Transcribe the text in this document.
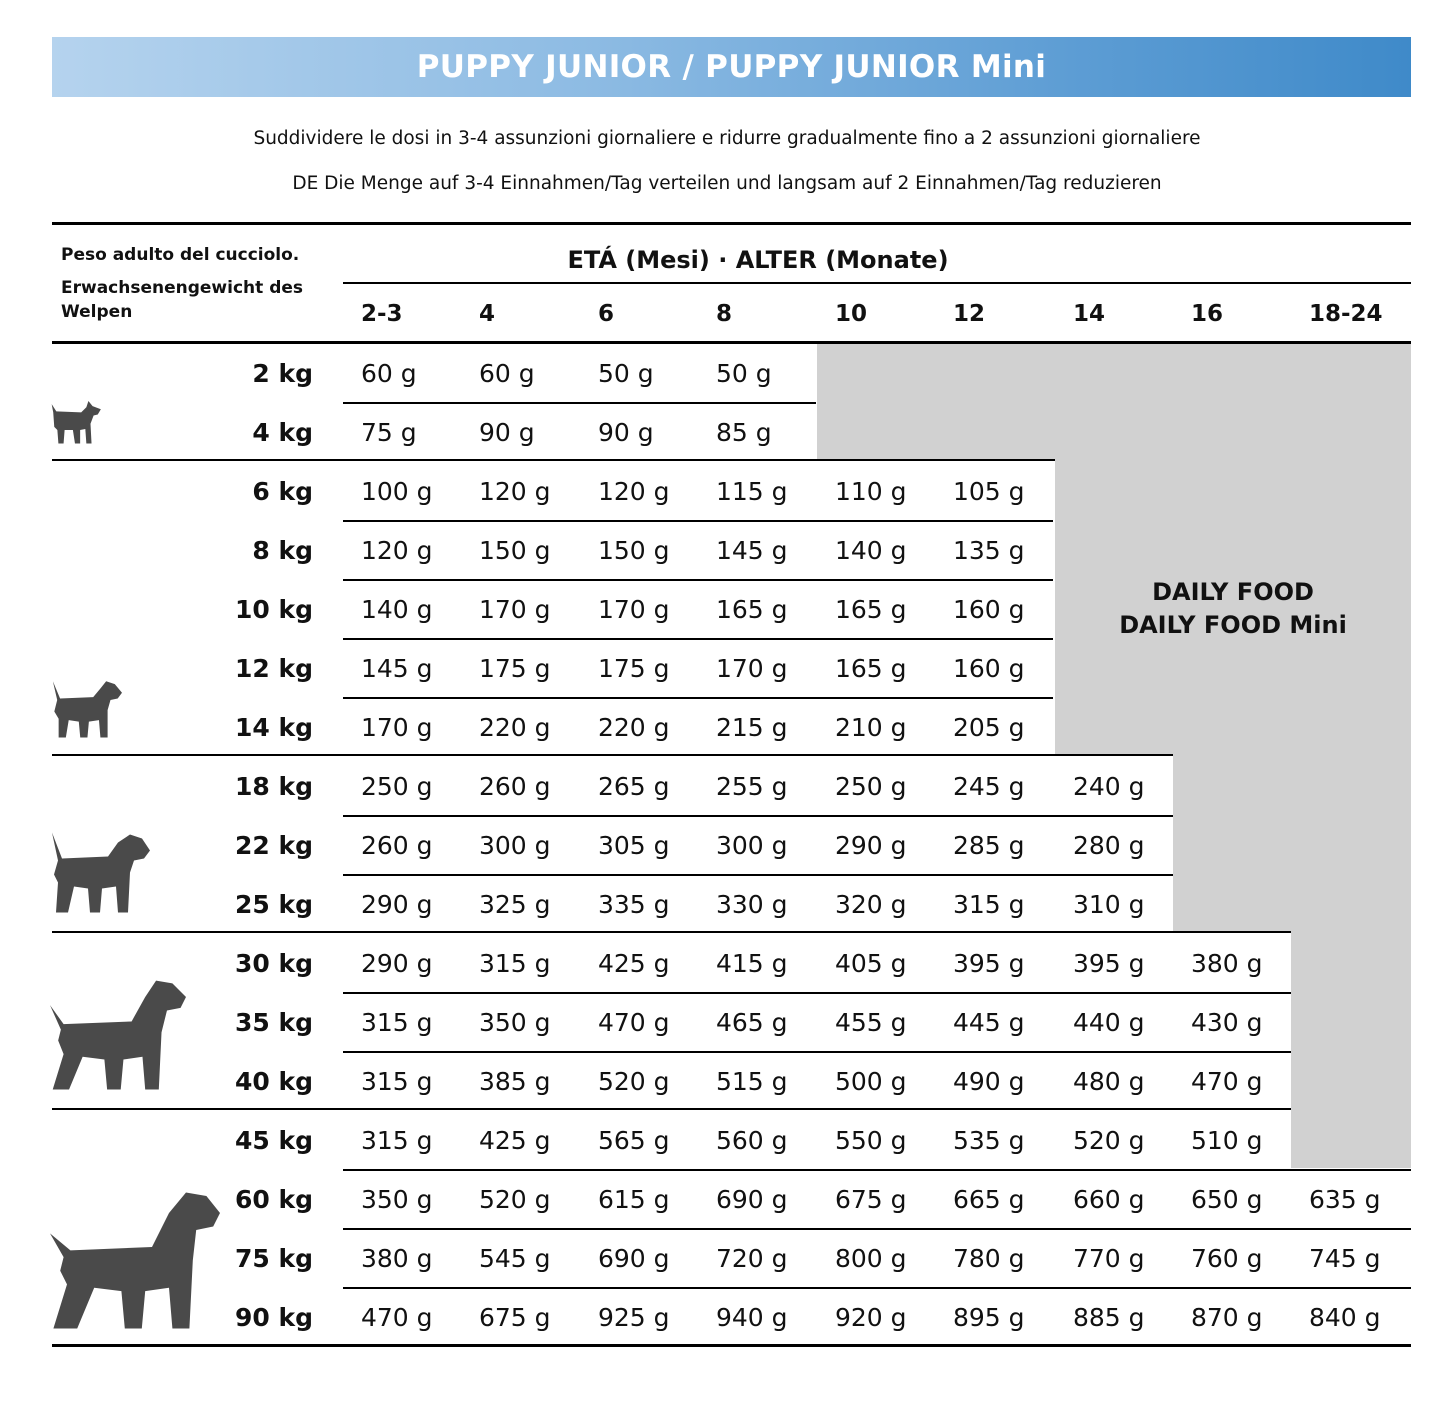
PUPPY JUNIOR / PUPPY JUNIOR Mini
Suddividere le dosi in 3-4 assunzioni giornaliere e ridurre gradualmente fino a 2 assunzioni giornaliere
DE Die Menge auf 3-4 Einnahmen/Tag verteilen und langsam auf 2 Einnahmen/Tag reduzieren
Peso adulto del cucciolo.
Erwachsenengewicht des Welpen
ETÁ (Mesi) · ALTER (Monate)
2-3	4	6	8	10	12	14	16	18-24
DAILY FOOD
DAILY FOOD Mini
2 kg	60 g	60 g	50 g	50 g
4 kg	75 g	90 g	90 g	85 g
6 kg	100 g	120 g	120 g	115 g	110 g	105 g
8 kg	120 g	150 g	150 g	145 g	140 g	135 g
10 kg	140 g	170 g	170 g	165 g	165 g	160 g
12 kg	145 g	175 g	175 g	170 g	165 g	160 g
14 kg	170 g	220 g	220 g	215 g	210 g	205 g
18 kg	250 g	260 g	265 g	255 g	250 g	245 g	240 g
22 kg	260 g	300 g	305 g	300 g	290 g	285 g	280 g
25 kg	290 g	325 g	335 g	330 g	320 g	315 g	310 g
30 kg	290 g	315 g	425 g	415 g	405 g	395 g	395 g	380 g
35 kg	315 g	350 g	470 g	465 g	455 g	445 g	440 g	430 g
40 kg	315 g	385 g	520 g	515 g	500 g	490 g	480 g	470 g
45 kg	315 g	425 g	565 g	560 g	550 g	535 g	520 g	510 g
60 kg	350 g	520 g	615 g	690 g	675 g	665 g	660 g	650 g	635 g
75 kg	380 g	545 g	690 g	720 g	800 g	780 g	770 g	760 g	745 g
90 kg	470 g	675 g	925 g	940 g	920 g	895 g	885 g	870 g	840 g
